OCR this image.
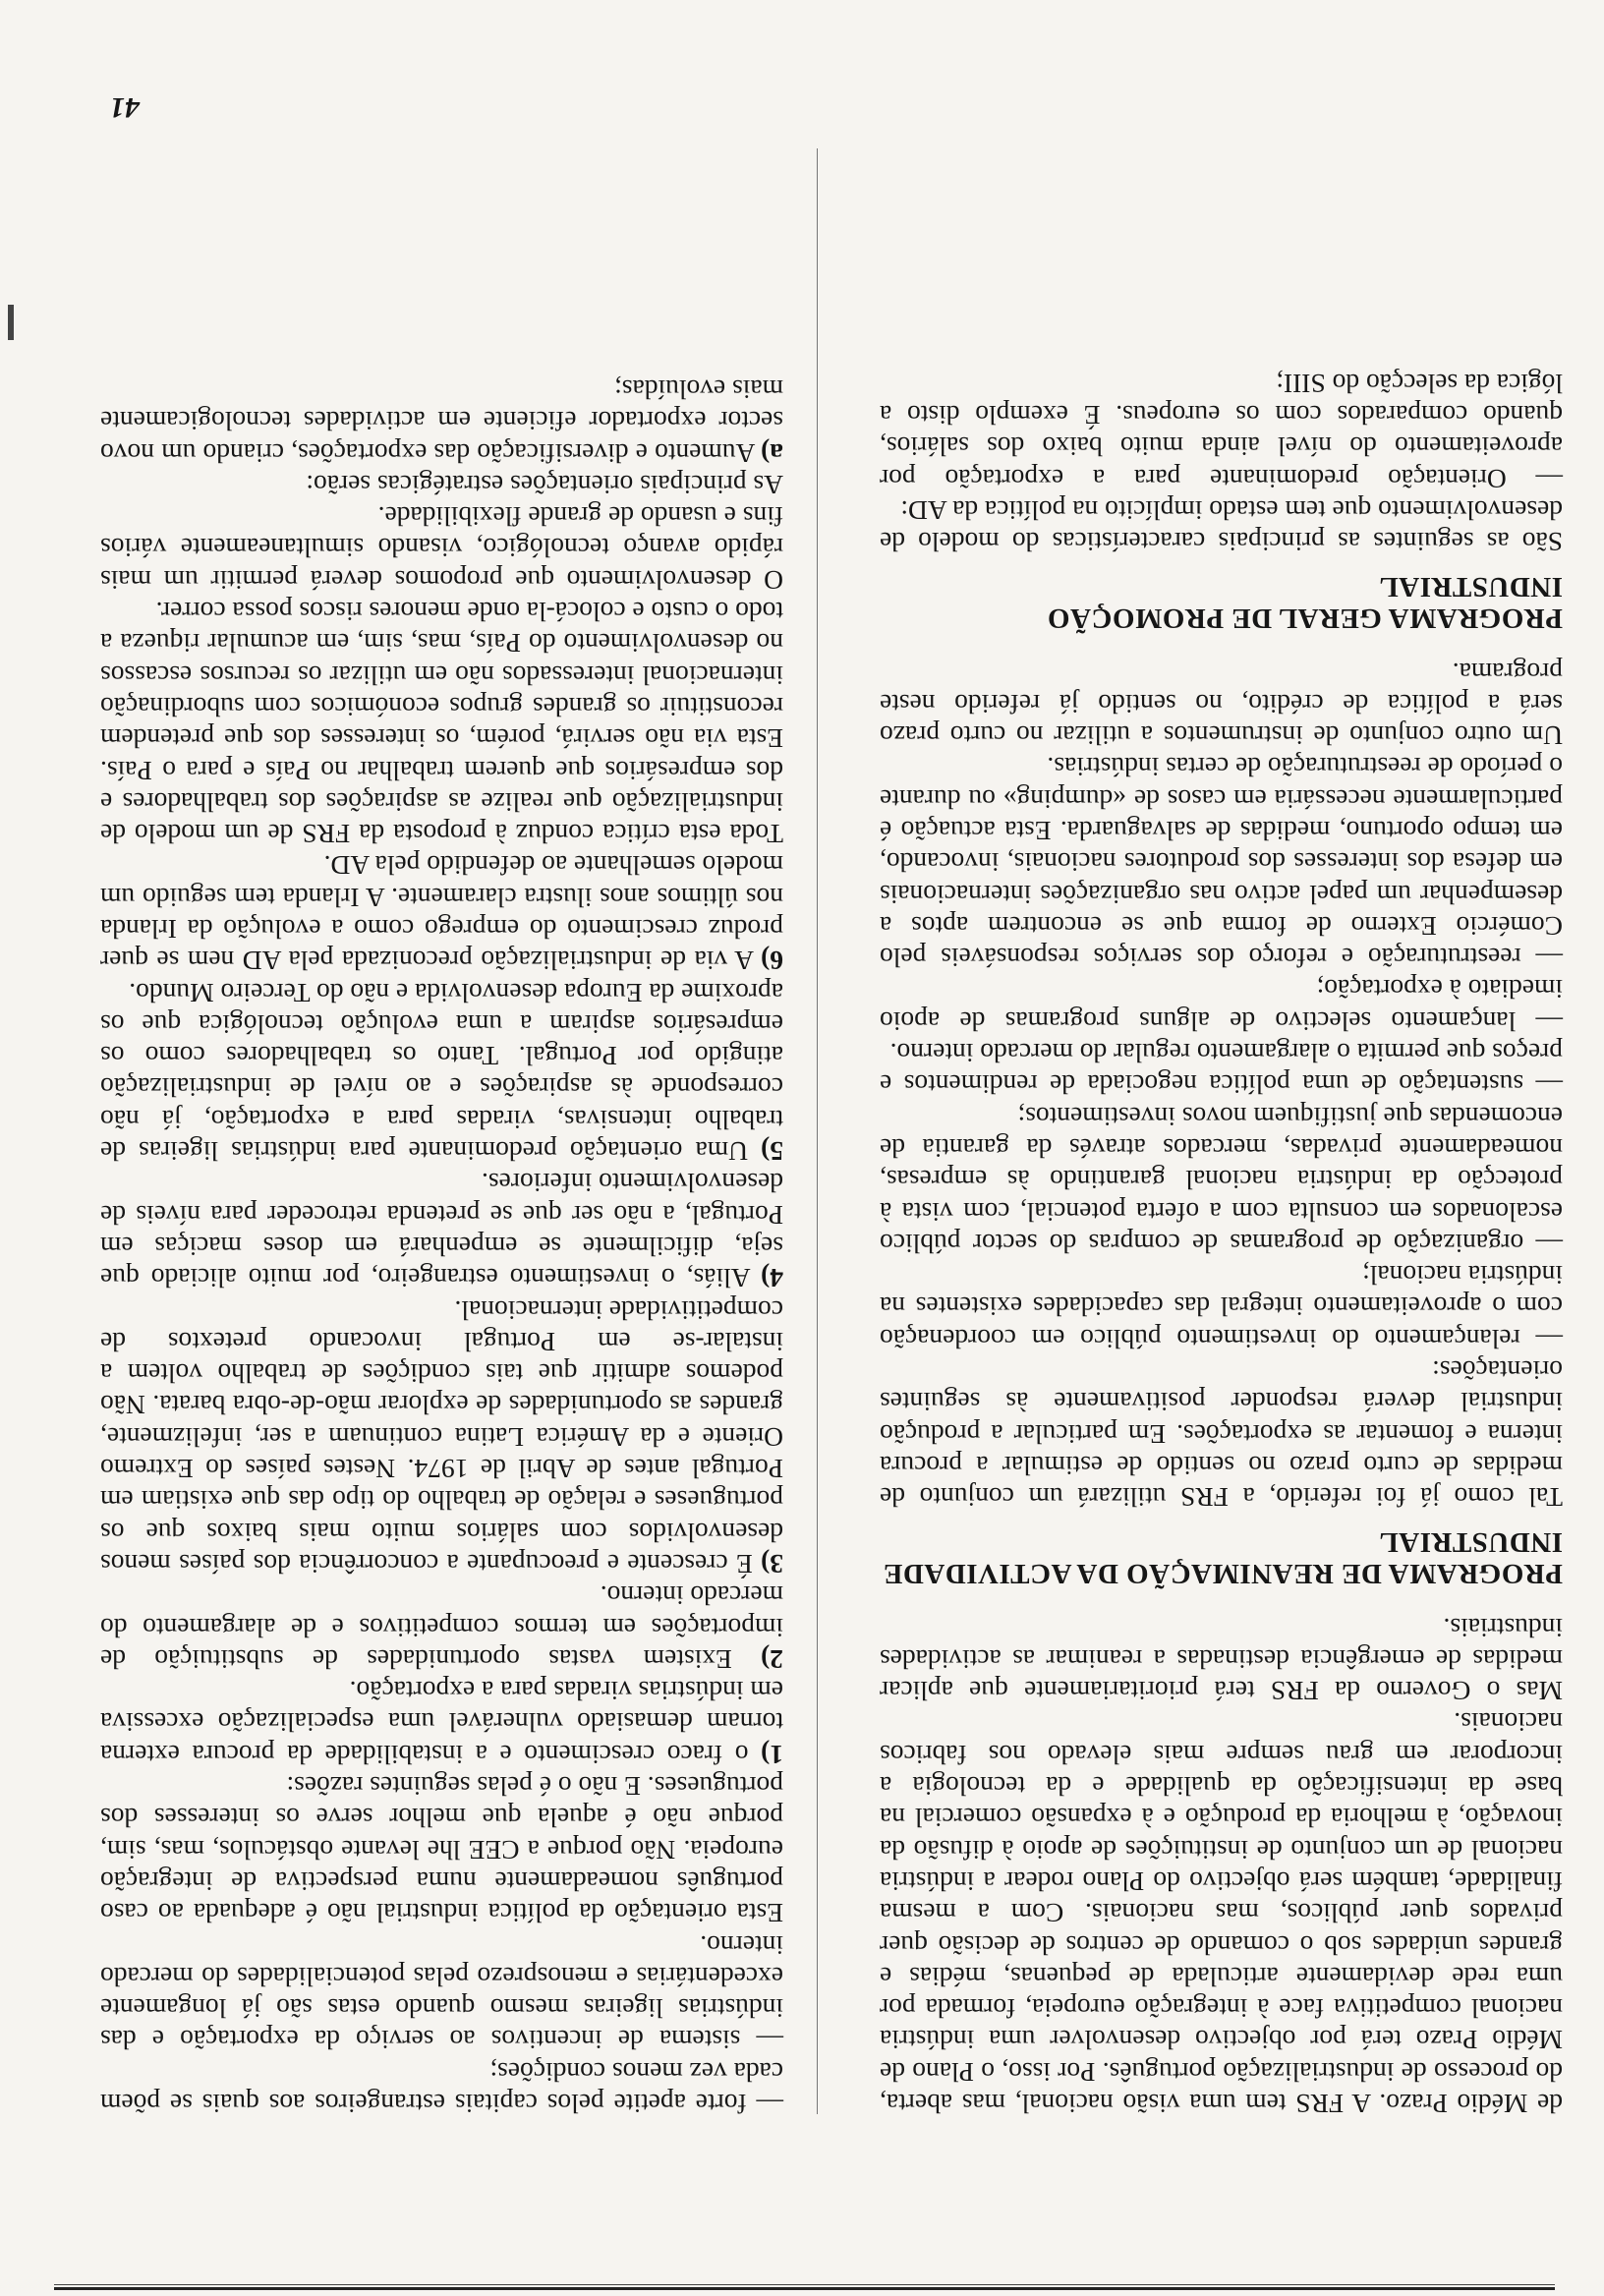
de Médio Prazo. A FRS tem uma visão nacional, mas aberta, do processo de industrialização português. Por isso, o Plano de Médio Prazo terá por objectivo desenvolver uma indústria nacional competitiva face à integração europeia, formada por uma rede devidamente articulada de pequenas, médias e grandes unidades sob o comando de centros de decisão quer privados quer públicos, mas nacionais. Com a mesma finalidade, também será objectivo do Plano rodear a indústria nacional de um conjunto de instituições de apoio à difusão da inovação, à melhoria da produção e à expansão comercial na base da intensificação da qualidade e da tecnologia a incorporar em grau sempre mais elevado nos fabricos nacionais.

Mas o Governo da FRS terá prioritariamente que aplicar medidas de emergência destinadas a reanimar as actividades industriais.

PROGRAMA DE REANIMAÇÃO DA ACTIVIDADE INDUSTRIAL

Tal como já foi referido, a FRS utilizará um conjunto de medidas de curto prazo no sentido de estimular a procura interna e fomentar as exportações. Em particular a produção industrial deverá responder positivamente às seguintes orientações:

— relançamento do investimento público em coordenação com o aproveitamento integral das capacidades existentes na indústria nacional;

— organização de programas de compras do sector público escalonados em consulta com a oferta potencial, com vista à protecção da indústria nacional garantindo às empresas, nomeadamente privadas, mercados através da garantia de encomendas que justifiquem novos investimentos;

— sustentação de uma política negociada de rendimentos e preços que permita o alargamento regular do mercado interno.

— lançamento selectivo de alguns programas de apoio imediato à exportação;

— reestruturação e reforço dos serviços responsáveis pelo Comércio Externo de forma que se encontrem aptos a desempenhar um papel activo nas organizações internacionais em defesa dos interesses dos produtores nacionais, invocando, em tempo oportuno, medidas de salvaguarda. Esta actuação é particularmente necessária em casos de «dumping» ou durante o período de reestruturação de certas indústrias.

Um outro conjunto de instrumentos a utilizar no curto prazo será a política de crédito, no sentido já referido neste programa.

PROGRAMA GERAL DE PROMOÇÃO INDUSTRIAL

São as seguintes as principais características do modelo de desenvolvimento que tem estado implícito na política da AD:

— Orientação predominante para a exportação por aproveitamento do nível ainda muito baixo dos salários, quando comparados com os europeus. É exemplo disto a lógica da selecção do SIII;

— forte apetite pelos capitais estrangeiros aos quais se põem cada vez menos condições;

— sistema de incentivos ao serviço da exportação e das indústrias ligeiras mesmo quando estas são já longamente excedentárias e menosprezo pelas potencialidades do mercado interno.

Esta orientação da política industrial não é adequada ao caso português nomeadamente numa perspectiva de integração europeia. Não porque a CEE lhe levante obstáculos, mas, sim, porque não é aquela que melhor serve os interesses dos portugueses. E não o é pelas seguintes razões:

1) o fraco crescimento e a instabilidade da procura externa tornam demasiado vulnerável uma especialização excessiva em indústrias viradas para a exportação.

2) Existem vastas oportunidades de substituição de importações em termos competitivos e de alargamento do mercado interno.

3) É crescente e preocupante a concorrência dos países menos desenvolvidos com salários muito mais baixos que os portugueses e relação de trabalho do tipo das que existiam em Portugal antes de Abril de 1974. Nestes países do Extremo Oriente e da América Latina continuam a ser, infelizmente, grandes as oportunidades de explorar mão-de-obra barata. Não podemos admitir que tais condições de trabalho voltem a instalar-se em Portugal invocando pretextos de competitividade internacional.

4) Aliás, o investimento estrangeiro, por muito aliciado que seja, dificilmente se empenhará em doses maciças em Portugal, a não ser que se pretenda retroceder para níveis de desenvolvimento inferiores.

5) Uma orientação predominante para indústrias ligeiras de trabalho intensivas, viradas para a exportação, já não corresponde às aspirações e ao nível de industrialização atingido por Portugal. Tanto os trabalhadores como os empresários aspiram a uma evolução tecnológica que os aproxime da Europa desenvolvida e não do Terceiro Mundo.

6) A via de industrialização preconizada pela AD nem se quer produz crescimento do emprego como a evolução da Irlanda nos últimos anos ilustra claramente. A Irlanda tem seguido um modelo semelhante ao defendido pela AD.

Toda esta crítica conduz à proposta da FRS de um modelo de industrialização que realize as aspirações dos trabalhadores e dos empresários que querem trabalhar no País e para o País. Esta via não servirá, porém, os interesses dos que pretendem reconstituir os grandes grupos económicos com subordinação internacional interessados não em utilizar os recursos escassos no desenvolvimento do País, mas, sim, em acumular riqueza a todo o custo e colocá-la onde menores riscos possa correr.

O desenvolvimento que propomos deverá permitir um mais rápido avanço tecnológico, visando simultaneamente vários fins e usando de grande flexibilidade.

As principais orientações estratégicas serão:

a) Aumento e diversificação das exportações, criando um novo sector exportador eficiente em actividades tecnologicamente mais evoluídas;

41
